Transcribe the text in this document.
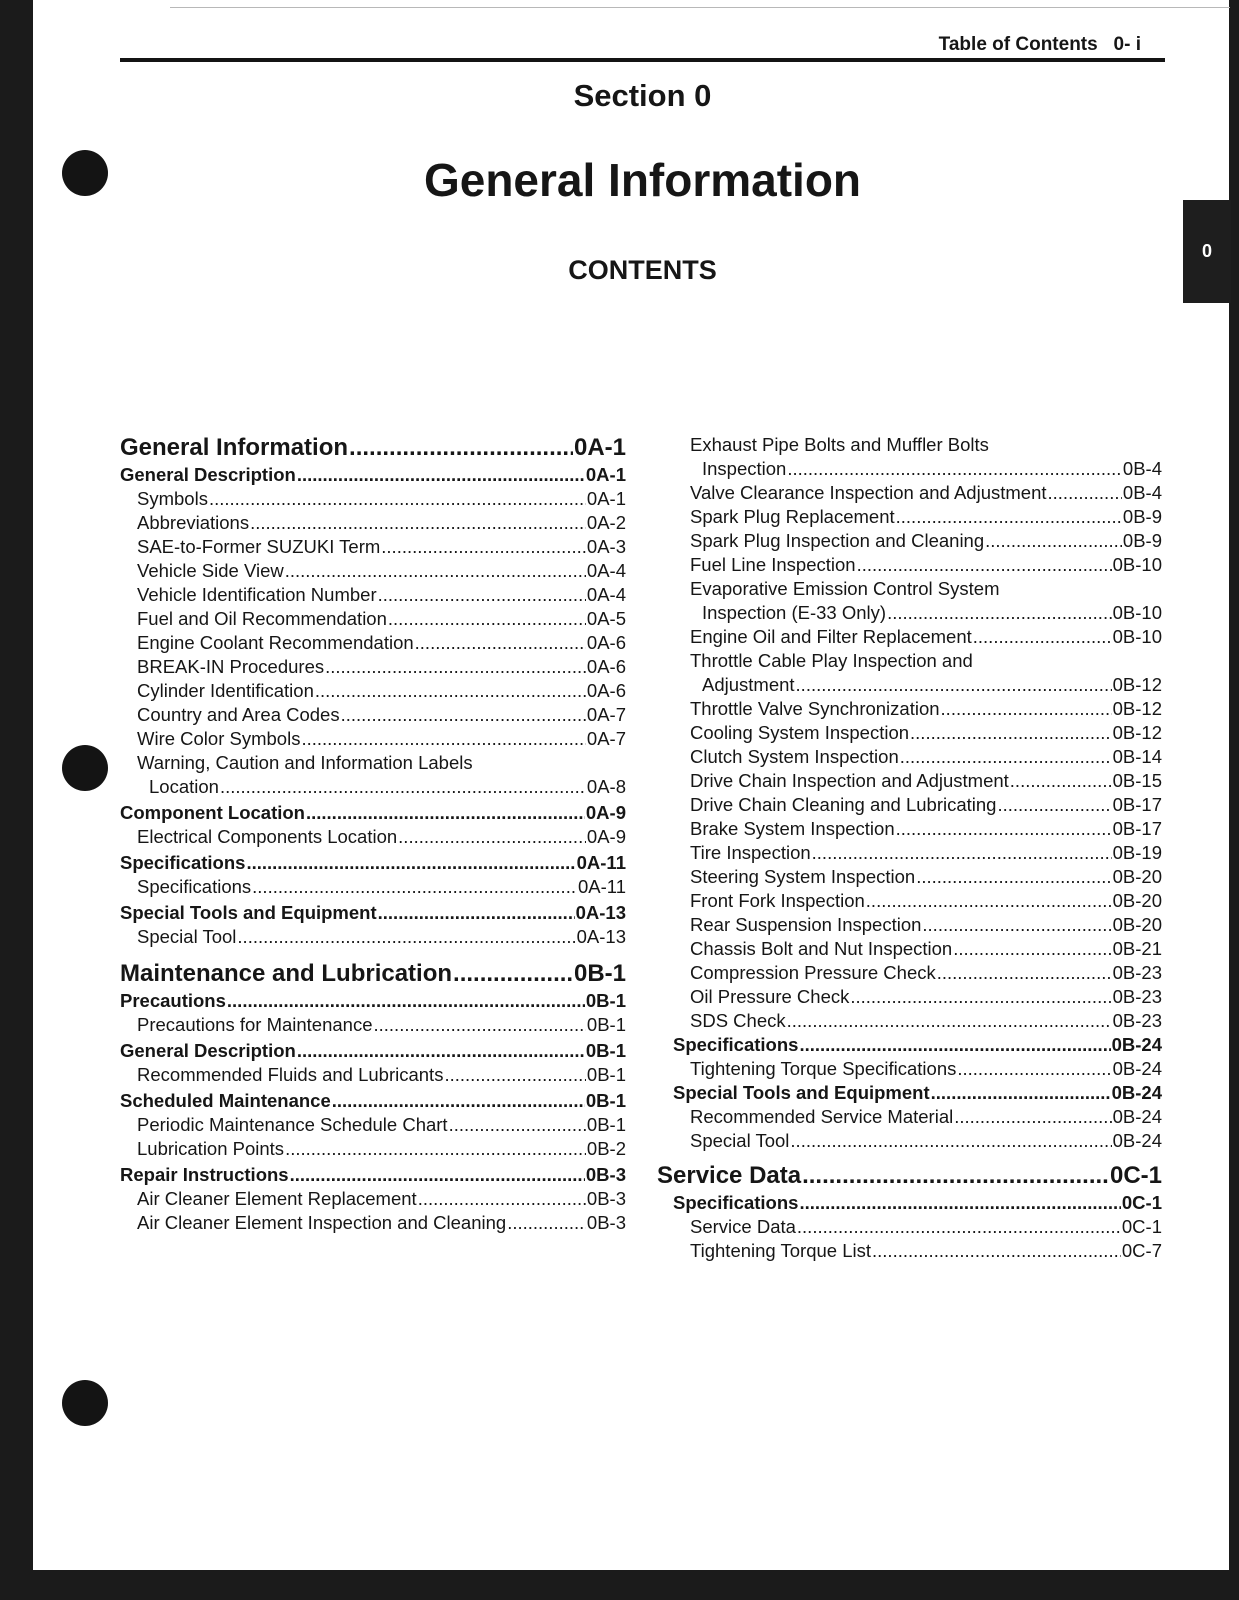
Table of Contents   0- i
0
Section 0
General Information
CONTENTS
General Information .....	0A-1
General Description .....	0A-1
Symbols .....	0A-1
Abbreviations .....	0A-2
SAE-to-Former SUZUKI Term .....	0A-3
Vehicle Side View .....	0A-4
Vehicle Identification Number .....	0A-4
Fuel and Oil Recommendation .....	0A-5
Engine Coolant Recommendation .....	0A-6
BREAK-IN Procedures .....	0A-6
Cylinder Identification .....	0A-6
Country and Area Codes .....	0A-7
Wire Color Symbols .....	0A-7
Warning, Caution and Information Labels
Location .....	0A-8
Component Location .....	0A-9
Electrical Components Location .....	0A-9
Specifications .....	0A-11
Specifications .....	0A-11
Special Tools and Equipment .....	0A-13
Special Tool .....	0A-13
Maintenance and Lubrication .....	0B-1
Precautions .....	0B-1
Precautions for Maintenance .....	0B-1
General Description .....	0B-1
Recommended Fluids and Lubricants .....	0B-1
Scheduled Maintenance .....	0B-1
Periodic Maintenance Schedule Chart .....	0B-1
Lubrication Points .....	0B-2
Repair Instructions .....	0B-3
Air Cleaner Element Replacement .....	0B-3
Air Cleaner Element Inspection and Cleaning .....	0B-3
Exhaust Pipe Bolts and Muffler Bolts
Inspection .....	0B-4
Valve Clearance Inspection and Adjustment .....	0B-4
Spark Plug Replacement .....	0B-9
Spark Plug Inspection and Cleaning .....	0B-9
Fuel Line Inspection .....	0B-10
Evaporative Emission Control System
Inspection (E-33 Only) .....	0B-10
Engine Oil and Filter Replacement .....	0B-10
Throttle Cable Play Inspection and
Adjustment .....	0B-12
Throttle Valve Synchronization .....	0B-12
Cooling System Inspection .....	0B-12
Clutch System Inspection .....	0B-14
Drive Chain Inspection and Adjustment .....	0B-15
Drive Chain Cleaning and Lubricating .....	0B-17
Brake System Inspection .....	0B-17
Tire Inspection .....	0B-19
Steering System Inspection .....	0B-20
Front Fork Inspection .....	0B-20
Rear Suspension Inspection .....	0B-20
Chassis Bolt and Nut Inspection .....	0B-21
Compression Pressure Check .....	0B-23
Oil Pressure Check .....	0B-23
SDS Check .....	0B-23
Specifications .....	0B-24
Tightening Torque Specifications .....	0B-24
Special Tools and Equipment .....	0B-24
Recommended Service Material .....	0B-24
Special Tool .....	0B-24
Service Data .....	0C-1
Specifications .....	0C-1
Service Data .....	0C-1
Tightening Torque List .....	0C-7
